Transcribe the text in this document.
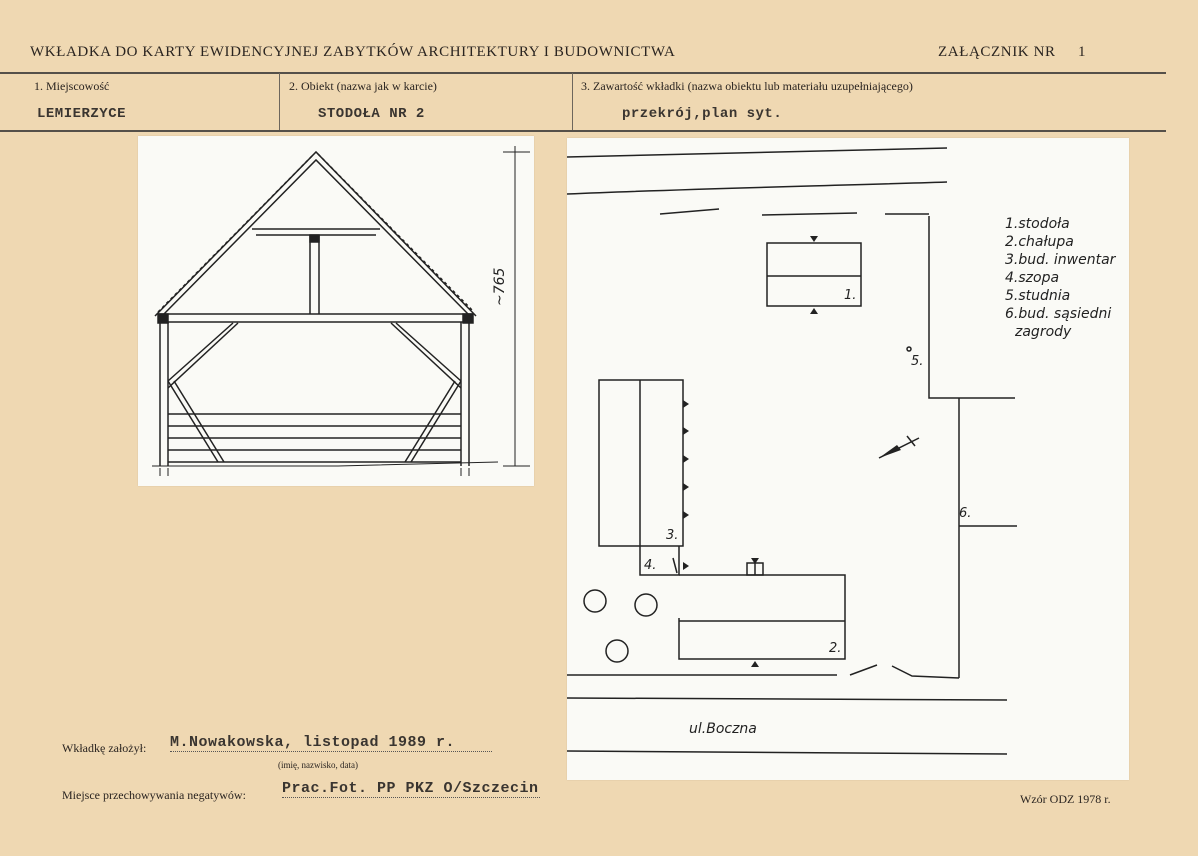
WKŁADKA DO KARTY EWIDENCYJNEJ ZABYTKÓW ARCHITEKTURY I BUDOWNICTWA	ZAŁĄCZNIK NR 1
1. Miejscowość
LEMIERZYCE
2. Obiekt (nazwa jak w karcie)
STODOŁA NR 2
3. Zawartość wkładki (nazwa obiektu lub materiału uzupełniającego)
przekrój,plan syt.
~765
1.stodoła
2.chałupa
3.bud. inwentar
4.szopa
5.studnia
6.bud. sąsiedni
zagrody
1.
2.
3.
4.
5.
6.
ul.Boczna
Wkładkę założył: M.Nowakowska, listopad 1989 r.
(imię, nazwisko, data)
Miejsce przechowywania negatywów: Prac.Fot. PP PKZ O/Szczecin
Wzór ODZ 1978 r.
